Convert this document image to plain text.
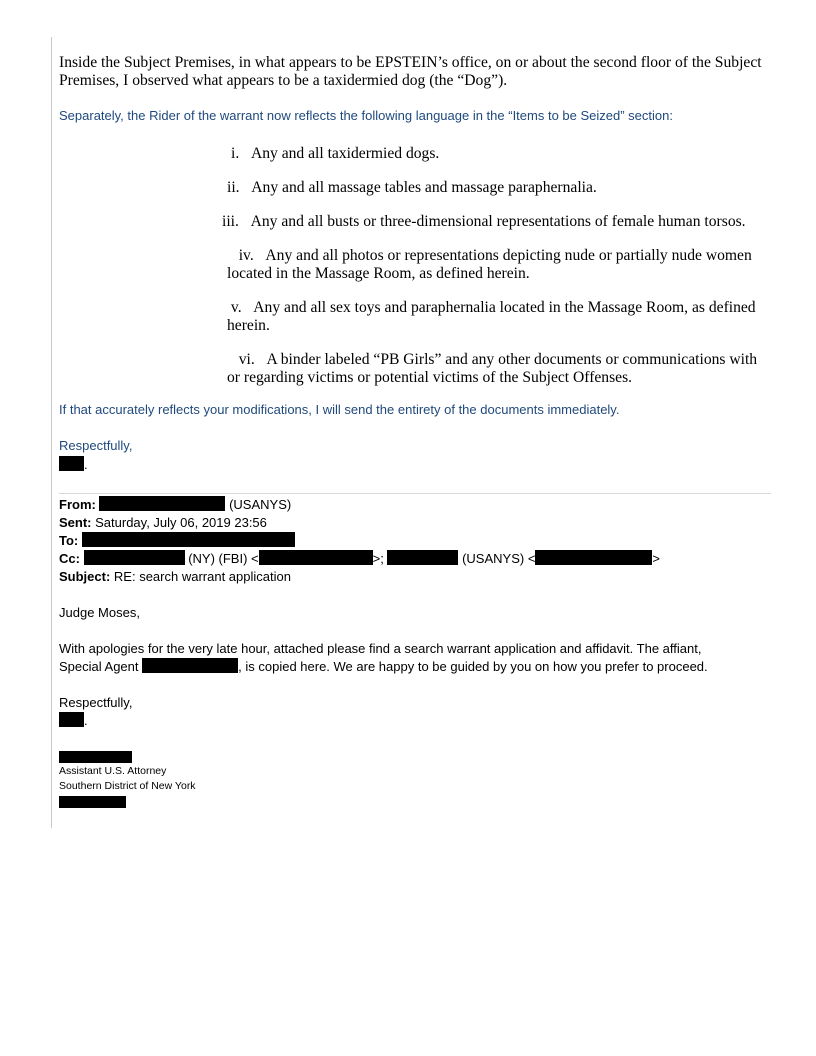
Inside the Subject Premises, in what appears to be EPSTEIN’s office, on or about the second floor of the Subject Premises, I observed what appears to be a taxidermied dog (the “Dog”).
Separately, the Rider of the warrant now reflects the following language in the “Items to be Seized” section:
i. Any and all taxidermied dogs.
ii. Any and all massage tables and massage paraphernalia.
iii. Any and all busts or three-dimensional representations of female human torsos.
iv. Any and all photos or representations depicting nude or partially nude women
located in the Massage Room, as defined herein.
v. Any and all sex toys and paraphernalia located in the Massage Room, as defined
herein.
vi. A binder labeled “PB Girls” and any other documents or communications with
or regarding victims or potential victims of the Subject Offenses.
If that accurately reflects your modifications, I will send the entirety of the documents immediately.
Respectfully,
.
From:	(USANYS)
Sent: Saturday, July 06, 2019 23:56
To:
Cc:	(NY) (FBI) <	>;	(USANYS) <	>
Subject: RE: search warrant application
Judge Moses,
With apologies for the very late hour, attached please find a search warrant application and affidavit. The affiant,
Special Agent	, is copied here. We are happy to be guided by you on how you prefer to proceed.
Respectfully,
.
Assistant U.S. Attorney
Southern District of New York
